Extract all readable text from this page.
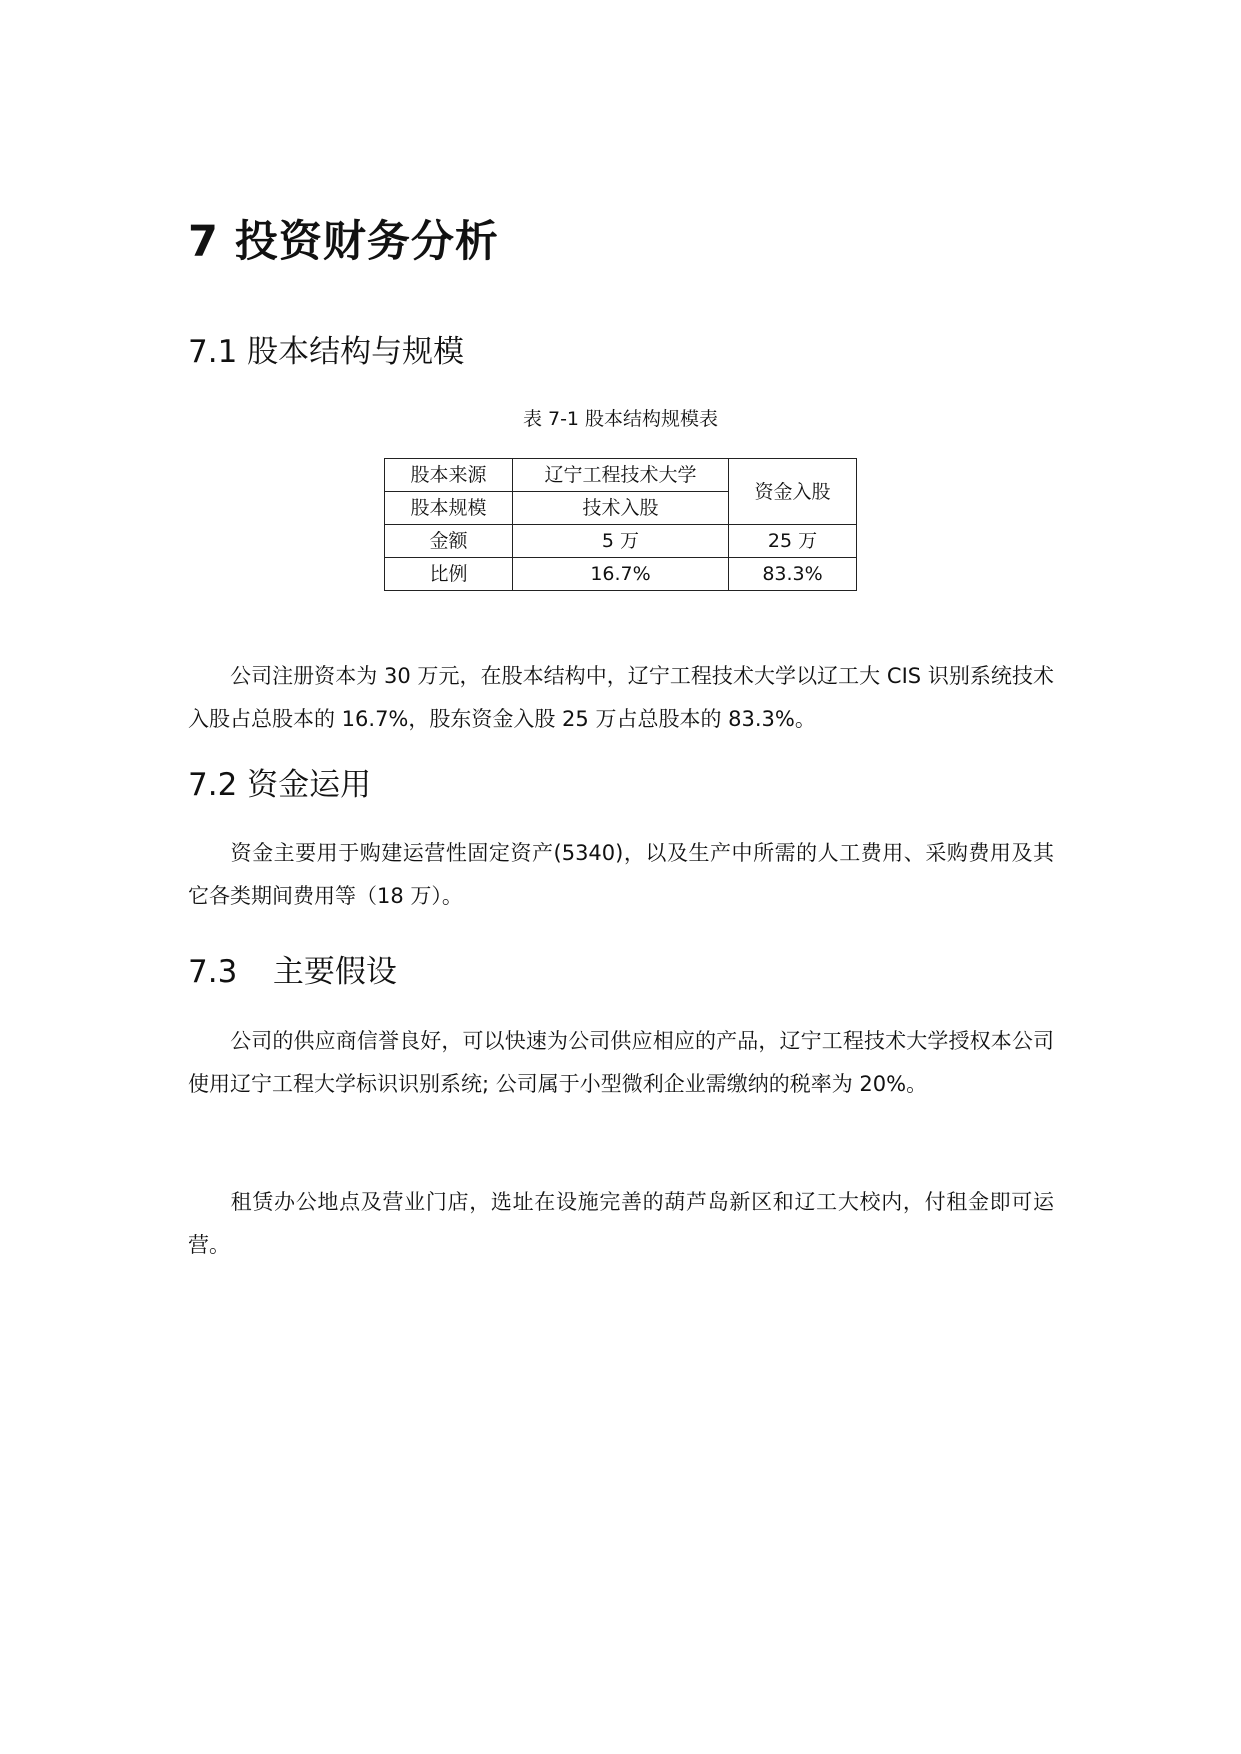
7 投资财务分析
7.1 股本结构与规模
表 7-1 股本结构规模表
股本来源	辽宁工程技术大学	资金入股
股本规模	技术入股	
金额	5 万	25 万
比例	16.7%	83.3%
公司注册资本为 30 万元，在股本结构中，辽宁工程技术大学以辽工大 CIS 识别系统技术入股占总股本的 16.7%，股东资金入股 25 万占总股本的 83.3%。
7.2 资金运用
资金主要用于购建运营性固定资产(5340)，以及生产中所需的人工费用、采购费用及其它各类期间费用等（18 万）。
7.3 主要假设
公司的供应商信誉良好，可以快速为公司供应相应的产品，辽宁工程技术大学授权本公司使用辽宁工程大学标识识别系统; 公司属于小型微利企业需缴纳的税率为 20%。
租赁办公地点及营业门店，选址在设施完善的葫芦岛新区和辽工大校内，付租金即可运营。
